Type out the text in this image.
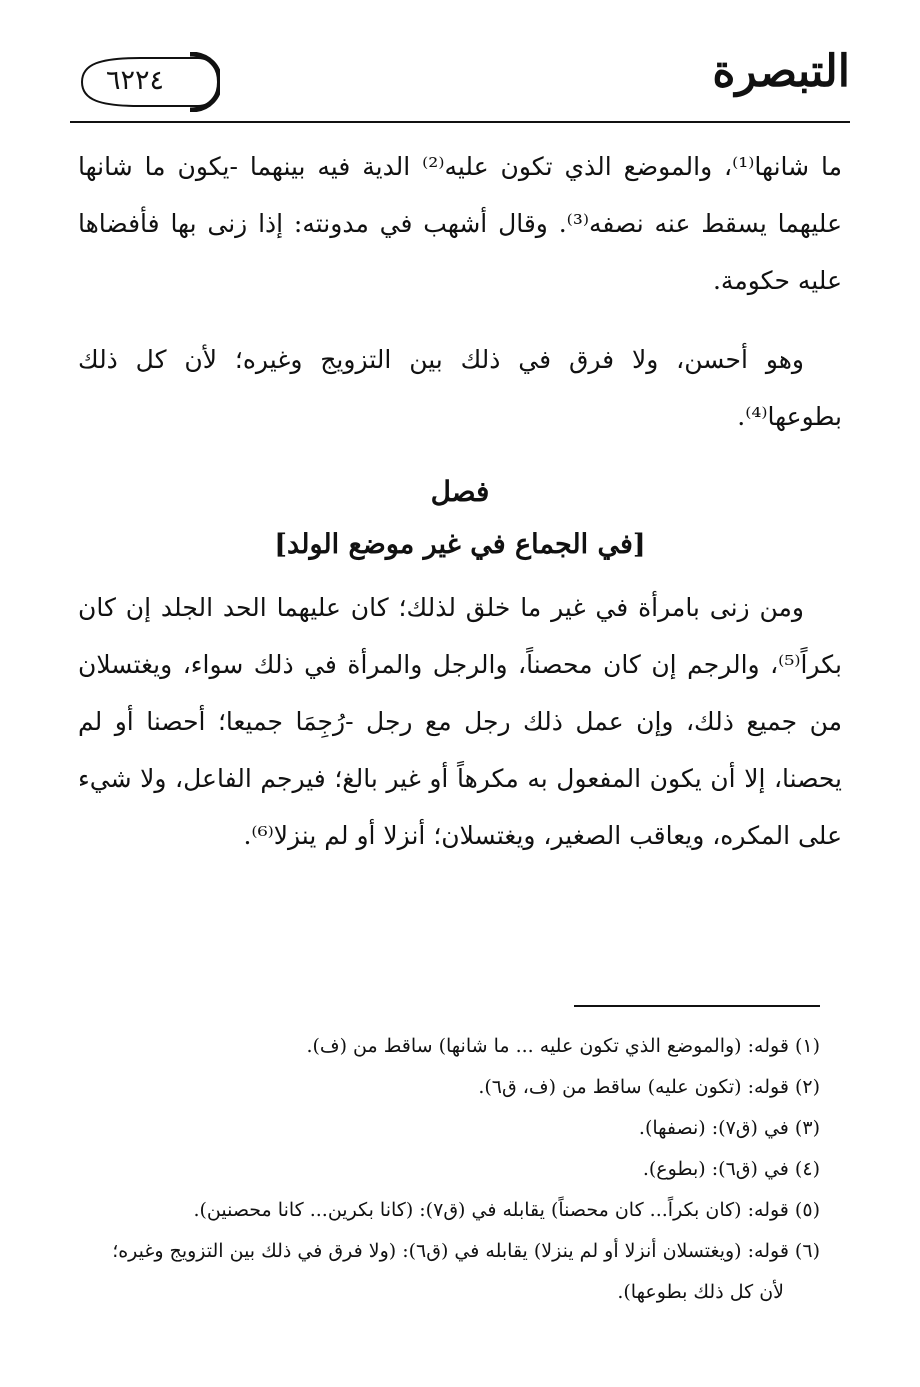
التبصرة
٦٢٢٤

ما شانها⁽¹⁾، والموضع الذي تكون عليه⁽²⁾ الدية فيه بينهما -يكون ما شانها عليهما يسقط عنه نصفه⁽³⁾. وقال أشهب في مدونته: إذا زنى بها فأفضاها عليه حكومة.

وهو أحسن، ولا فرق في ذلك بين التزويج وغيره؛ لأن كل ذلك بطوعها⁽⁴⁾.

فصل
[في الجماع في غير موضع الولد]

ومن زنى بامرأة في غير ما خلق لذلك؛ كان عليهما الحد الجلد إن كان بكراً⁽⁵⁾، والرجم إن كان محصناً، والرجل والمرأة في ذلك سواء، ويغتسلان من جميع ذلك، وإن عمل ذلك رجل مع رجل -رُجِمَا جميعا؛ أحصنا أو لم يحصنا، إلا أن يكون المفعول به مكرهاً أو غير بالغ؛ فيرجم الفاعل، ولا شيء على المكره، ويعاقب الصغير، ويغتسلان؛ أنزلا أو لم ينزلا⁽⁶⁾.

(١) قوله: (والموضع الذي تكون عليه ... ما شانها) ساقط من (ف).

(٢) قوله: (تكون عليه) ساقط من (ف، ق٦).

(٣) في (ق٧): (نصفها).

(٤) في (ق٦): (بطوع).

(٥) قوله: (كان بكراً... كان محصناً) يقابله في (ق٧): (كانا بكرين... كانا محصنين).

(٦) قوله: (ويغتسلان أنزلا أو لم ينزلا) يقابله في (ق٦): (ولا فرق في ذلك بين التزويج وغيره؛

لأن كل ذلك بطوعها).
